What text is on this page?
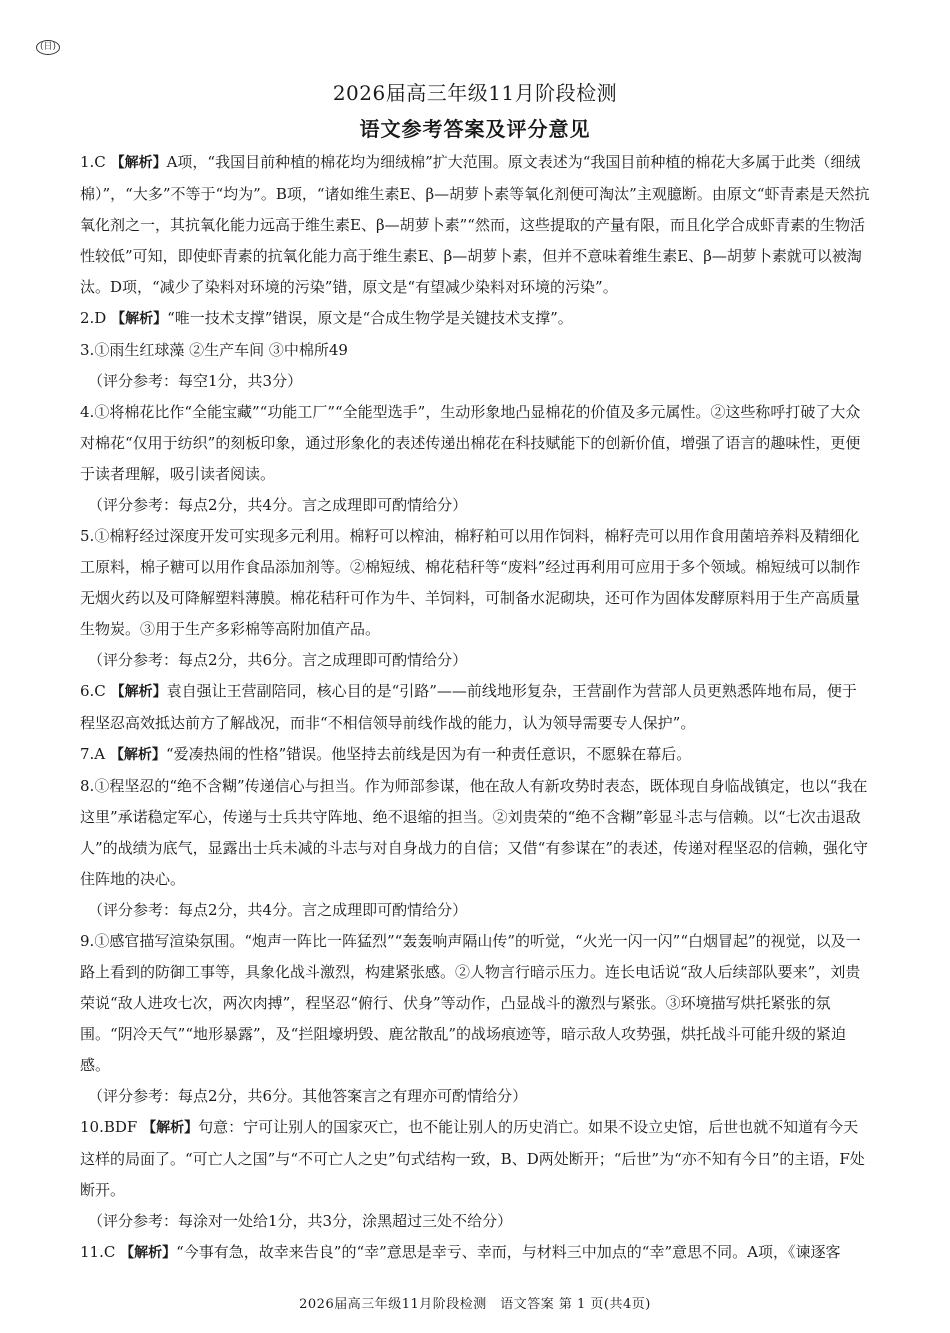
(日)
2026届高三年级11月阶段检测
语文参考答案及评分意见

1.C 【解析】A项，“我国目前种植的棉花均为细绒棉”扩大范围。原文表述为“我国目前种植的棉花大多属于此类（细绒棉）”，“大多”不等于“均为”。B项，“诸如维生素E、β—胡萝卜素等氧化剂便可淘汰”主观臆断。由原文“虾青素是天然抗氧化剂之一，其抗氧化能力远高于维生素E、β—胡萝卜素”“然而，这些提取的产量有限，而且化学合成虾青素的生物活性较低”可知，即使虾青素的抗氧化能力高于维生素E、β—胡萝卜素，但并不意味着维生素E、β—胡萝卜素就可以被淘汰。D项，“减少了染料对环境的污染”错，原文是“有望减少染料对环境的污染”。

2.D 【解析】“唯一技术支撑”错误，原文是“合成生物学是关键技术支撑”。

3.①雨生红球藻 ②生产车间 ③中棉所49

（评分参考：每空1分，共3分）

4.①将棉花比作“全能宝藏”“功能工厂”“全能型选手”，生动形象地凸显棉花的价值及多元属性。②这些称呼打破了大众对棉花“仅用于纺织”的刻板印象，通过形象化的表述传递出棉花在科技赋能下的创新价值，增强了语言的趣味性，更便于读者理解，吸引读者阅读。

（评分参考：每点2分，共4分。言之成理即可酌情给分）

5.①棉籽经过深度开发可实现多元利用。棉籽可以榨油，棉籽粕可以用作饲料，棉籽壳可以用作食用菌培养料及精细化工原料，棉子糖可以用作食品添加剂等。②棉短绒、棉花秸秆等“废料”经过再利用可应用于多个领域。棉短绒可以制作无烟火药以及可降解塑料薄膜。棉花秸秆可作为牛、羊饲料，可制备水泥砌块，还可作为固体发酵原料用于生产高质量生物炭。③用于生产多彩棉等高附加值产品。

（评分参考：每点2分，共6分。言之成理即可酌情给分）

6.C 【解析】袁自强让王营副陪同，核心目的是“引路”——前线地形复杂，王营副作为营部人员更熟悉阵地布局，便于程坚忍高效抵达前方了解战况，而非“不相信领导前线作战的能力，认为领导需要专人保护”。

7.A 【解析】“爱凑热闹的性格”错误。他坚持去前线是因为有一种责任意识，不愿躲在幕后。

8.①程坚忍的“绝不含糊”传递信心与担当。作为师部参谋，他在敌人有新攻势时表态，既体现自身临战镇定，也以“我在这里”承诺稳定军心，传递与士兵共守阵地、绝不退缩的担当。②刘贵荣的“绝不含糊”彰显斗志与信赖。以“七次击退敌人”的战绩为底气，显露出士兵未减的斗志与对自身战力的自信；又借“有参谋在”的表述，传递对程坚忍的信赖，强化守住阵地的决心。

（评分参考：每点2分，共4分。言之成理即可酌情给分）

9.①感官描写渲染氛围。“炮声一阵比一阵猛烈”“轰轰响声隔山传”的听觉，“火光一闪一闪”“白烟冒起”的视觉，以及一路上看到的防御工事等，具象化战斗激烈，构建紧张感。②人物言行暗示压力。连长电话说“敌人后续部队要来”，刘贵荣说“敌人进攻七次，两次肉搏”，程坚忍“俯行、伏身”等动作，凸显战斗的激烈与紧张。③环境描写烘托紧张的氛围。“阴冷天气”“地形暴露”，及“拦阻壕坍毁、鹿岔散乱”的战场痕迹等，暗示敌人攻势强，烘托战斗可能升级的紧迫感。

（评分参考：每点2分，共6分。其他答案言之有理亦可酌情给分）

10.BDF 【解析】句意：宁可让别人的国家灭亡，也不能让别人的历史消亡。如果不设立史馆，后世也就不知道有今天这样的局面了。“可亡人之国”与“不可亡人之史”句式结构一致，B、D两处断开；“后世”为“亦不知有今日”的主语，F处断开。

（评分参考：每涂对一处给1分，共3分，涂黑超过三处不给分）

11.C 【解析】“今事有急，故幸来告良”的“幸”意思是幸亏、幸而，与材料三中加点的“幸”意思不同。A项，《谏逐客

2026届高三年级11月阶段检测　语文答案 第 1 页(共4页)
